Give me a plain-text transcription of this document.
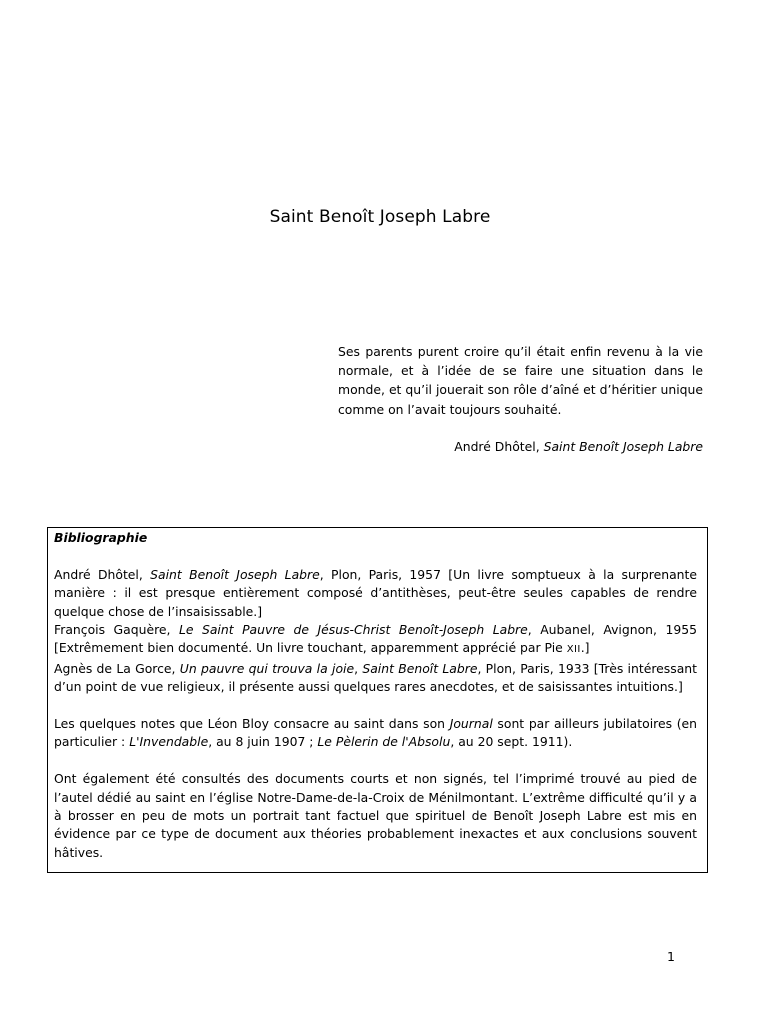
Saint Benoît Joseph Labre

Ses parents purent croire qu’il était enfin revenu à la vie normale, et à l’idée de se faire une situation dans le monde, et qu’il jouerait son rôle d’aîné et d’héritier unique comme on l’avait toujours souhaité.

André Dhôtel, Saint Benoît Joseph Labre

Bibliographie

André Dhôtel, Saint Benoît Joseph Labre, Plon, Paris, 1957 [Un livre somptueux à la surprenante manière : il est presque entièrement composé d’antithèses, peut-être seules capables de rendre quelque chose de l’insaisissable.]

François Gaquère, Le Saint Pauvre de Jésus-Christ Benoît-Joseph Labre, Aubanel, Avignon, 1955 [Extrêmement bien documenté. Un livre touchant, apparemment apprécié par Pie XII.]

Agnès de La Gorce, Un pauvre qui trouva la joie, Saint Benoît Labre, Plon, Paris, 1933 [Très intéressant d’un point de vue religieux, il présente aussi quelques rares anecdotes, et de saisissantes intuitions.]

Les quelques notes que Léon Bloy consacre au saint dans son Journal sont par ailleurs jubilatoires (en particulier : L'Invendable, au 8 juin 1907 ; Le Pèlerin de l'Absolu, au 20 sept. 1911).

Ont également été consultés des documents courts et non signés, tel l’imprimé trouvé au pied de l’autel dédié au saint en l’église Notre-Dame-de-la-Croix de Ménilmontant. L’extrême difficulté qu’il y a à brosser en peu de mots un portrait tant factuel que spirituel de Benoît Joseph Labre est mis en évidence par ce type de document aux théories probablement inexactes et aux conclusions souvent hâtives.

1
